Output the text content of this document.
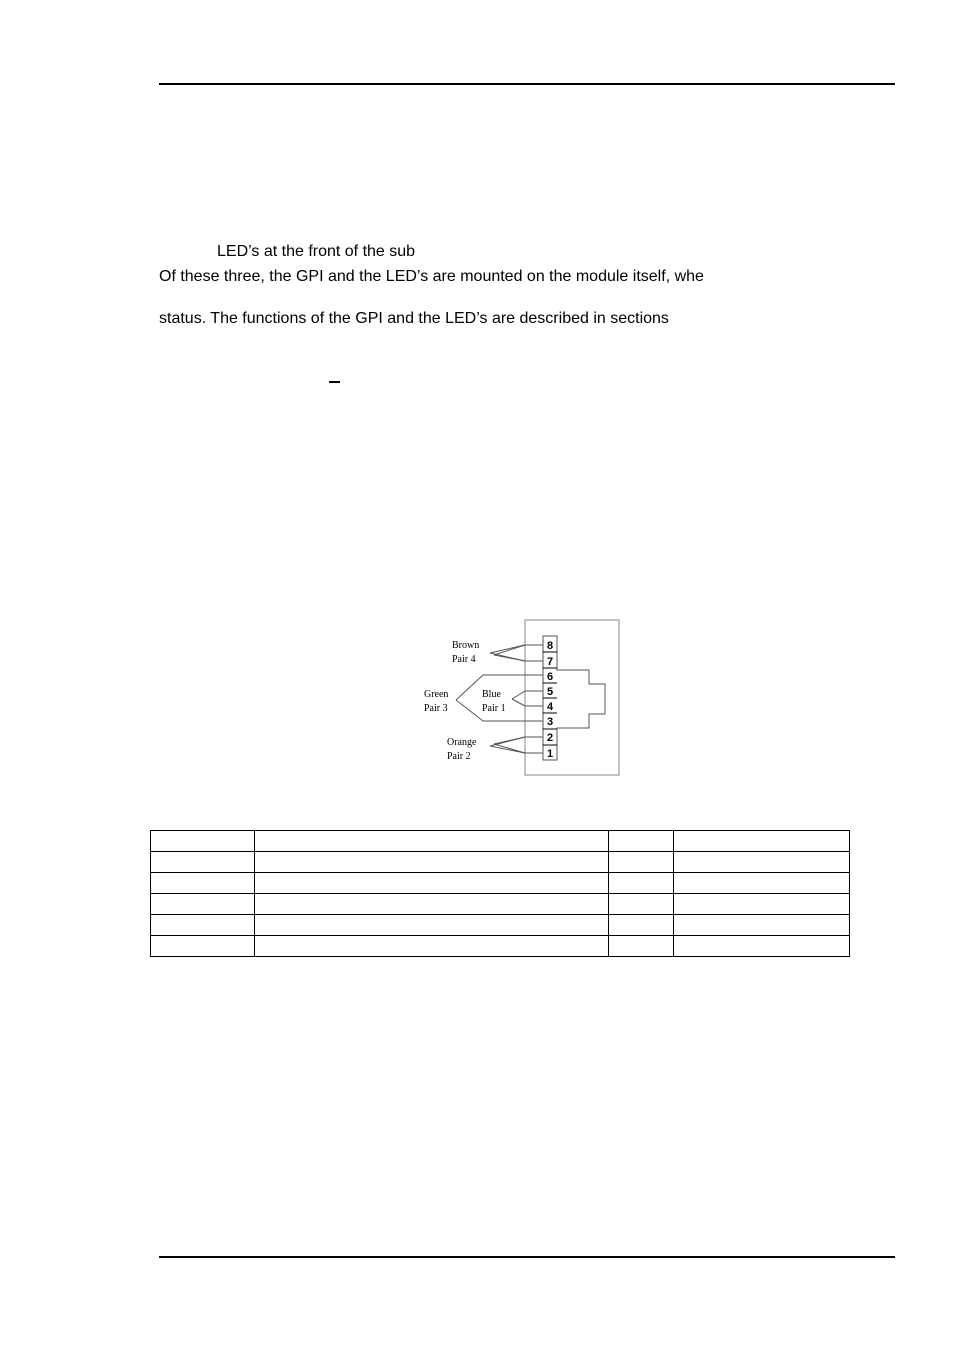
LED’s at the front of the sub
Of these three, the GPI and the LED’s are mounted on the module itself, whe
status. The functions of the GPI and the LED’s are described in sections
8
7
6
5
4
3
2
1
Brown
Pair 4
Green
Pair 3
Blue
Pair 1
Orange
Pair 2
